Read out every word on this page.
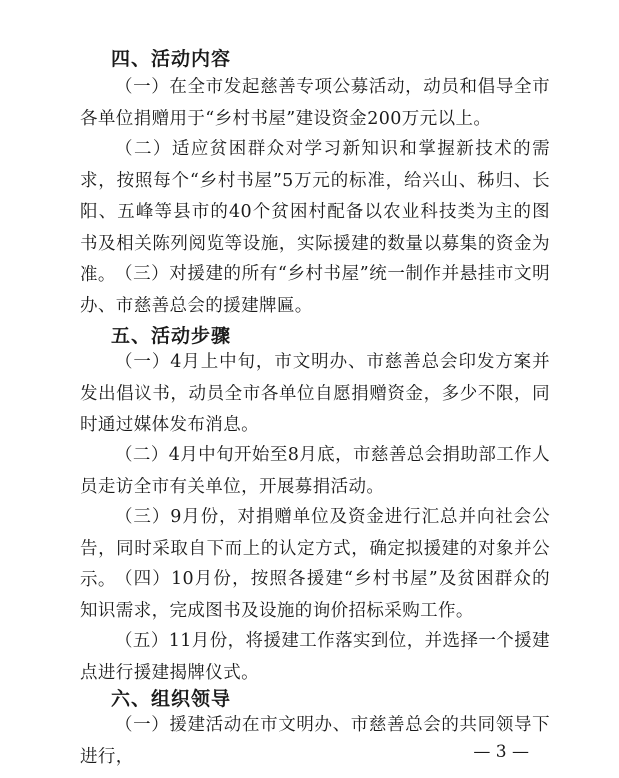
四、活动内容
（一）在全市发起慈善专项公募活动，动员和倡导全市各单位捐赠用于“乡村书屋”建设资金200万元以上。
（二）适应贫困群众对学习新知识和掌握新技术的需求，按照每个“乡村书屋”5万元的标准，给兴山、秭归、长阳、五峰等县市的40个贫困村配备以农业科技类为主的图书及相关陈列阅览等设施，实际援建的数量以募集的资金为准。 （三）对援建的所有“乡村书屋”统一制作并悬挂市文明办、市慈善总会的援建牌匾。
五、活动步骤
（一）4月上中旬，市文明办、市慈善总会印发方案并发出倡议书，动员全市各单位自愿捐赠资金，多少不限，同时通过媒体发布消息。
（二）4月中旬开始至8月底，市慈善总会捐助部工作人员走访全市有关单位，开展募捐活动。
（三）9月份，对捐赠单位及资金进行汇总并向社会公告，同时采取自下而上的认定方式，确定拟援建的对象并公示。 （四）10月份，按照各援建“乡村书屋”及贫困群众的知识需求，完成图书及设施的询价招标采购工作。
（五）11月份，将援建工作落实到位，并选择一个援建点进行援建揭牌仪式。
六、组织领导
（一）援建活动在市文明办、市慈善总会的共同领导下进行，	— 3 —
